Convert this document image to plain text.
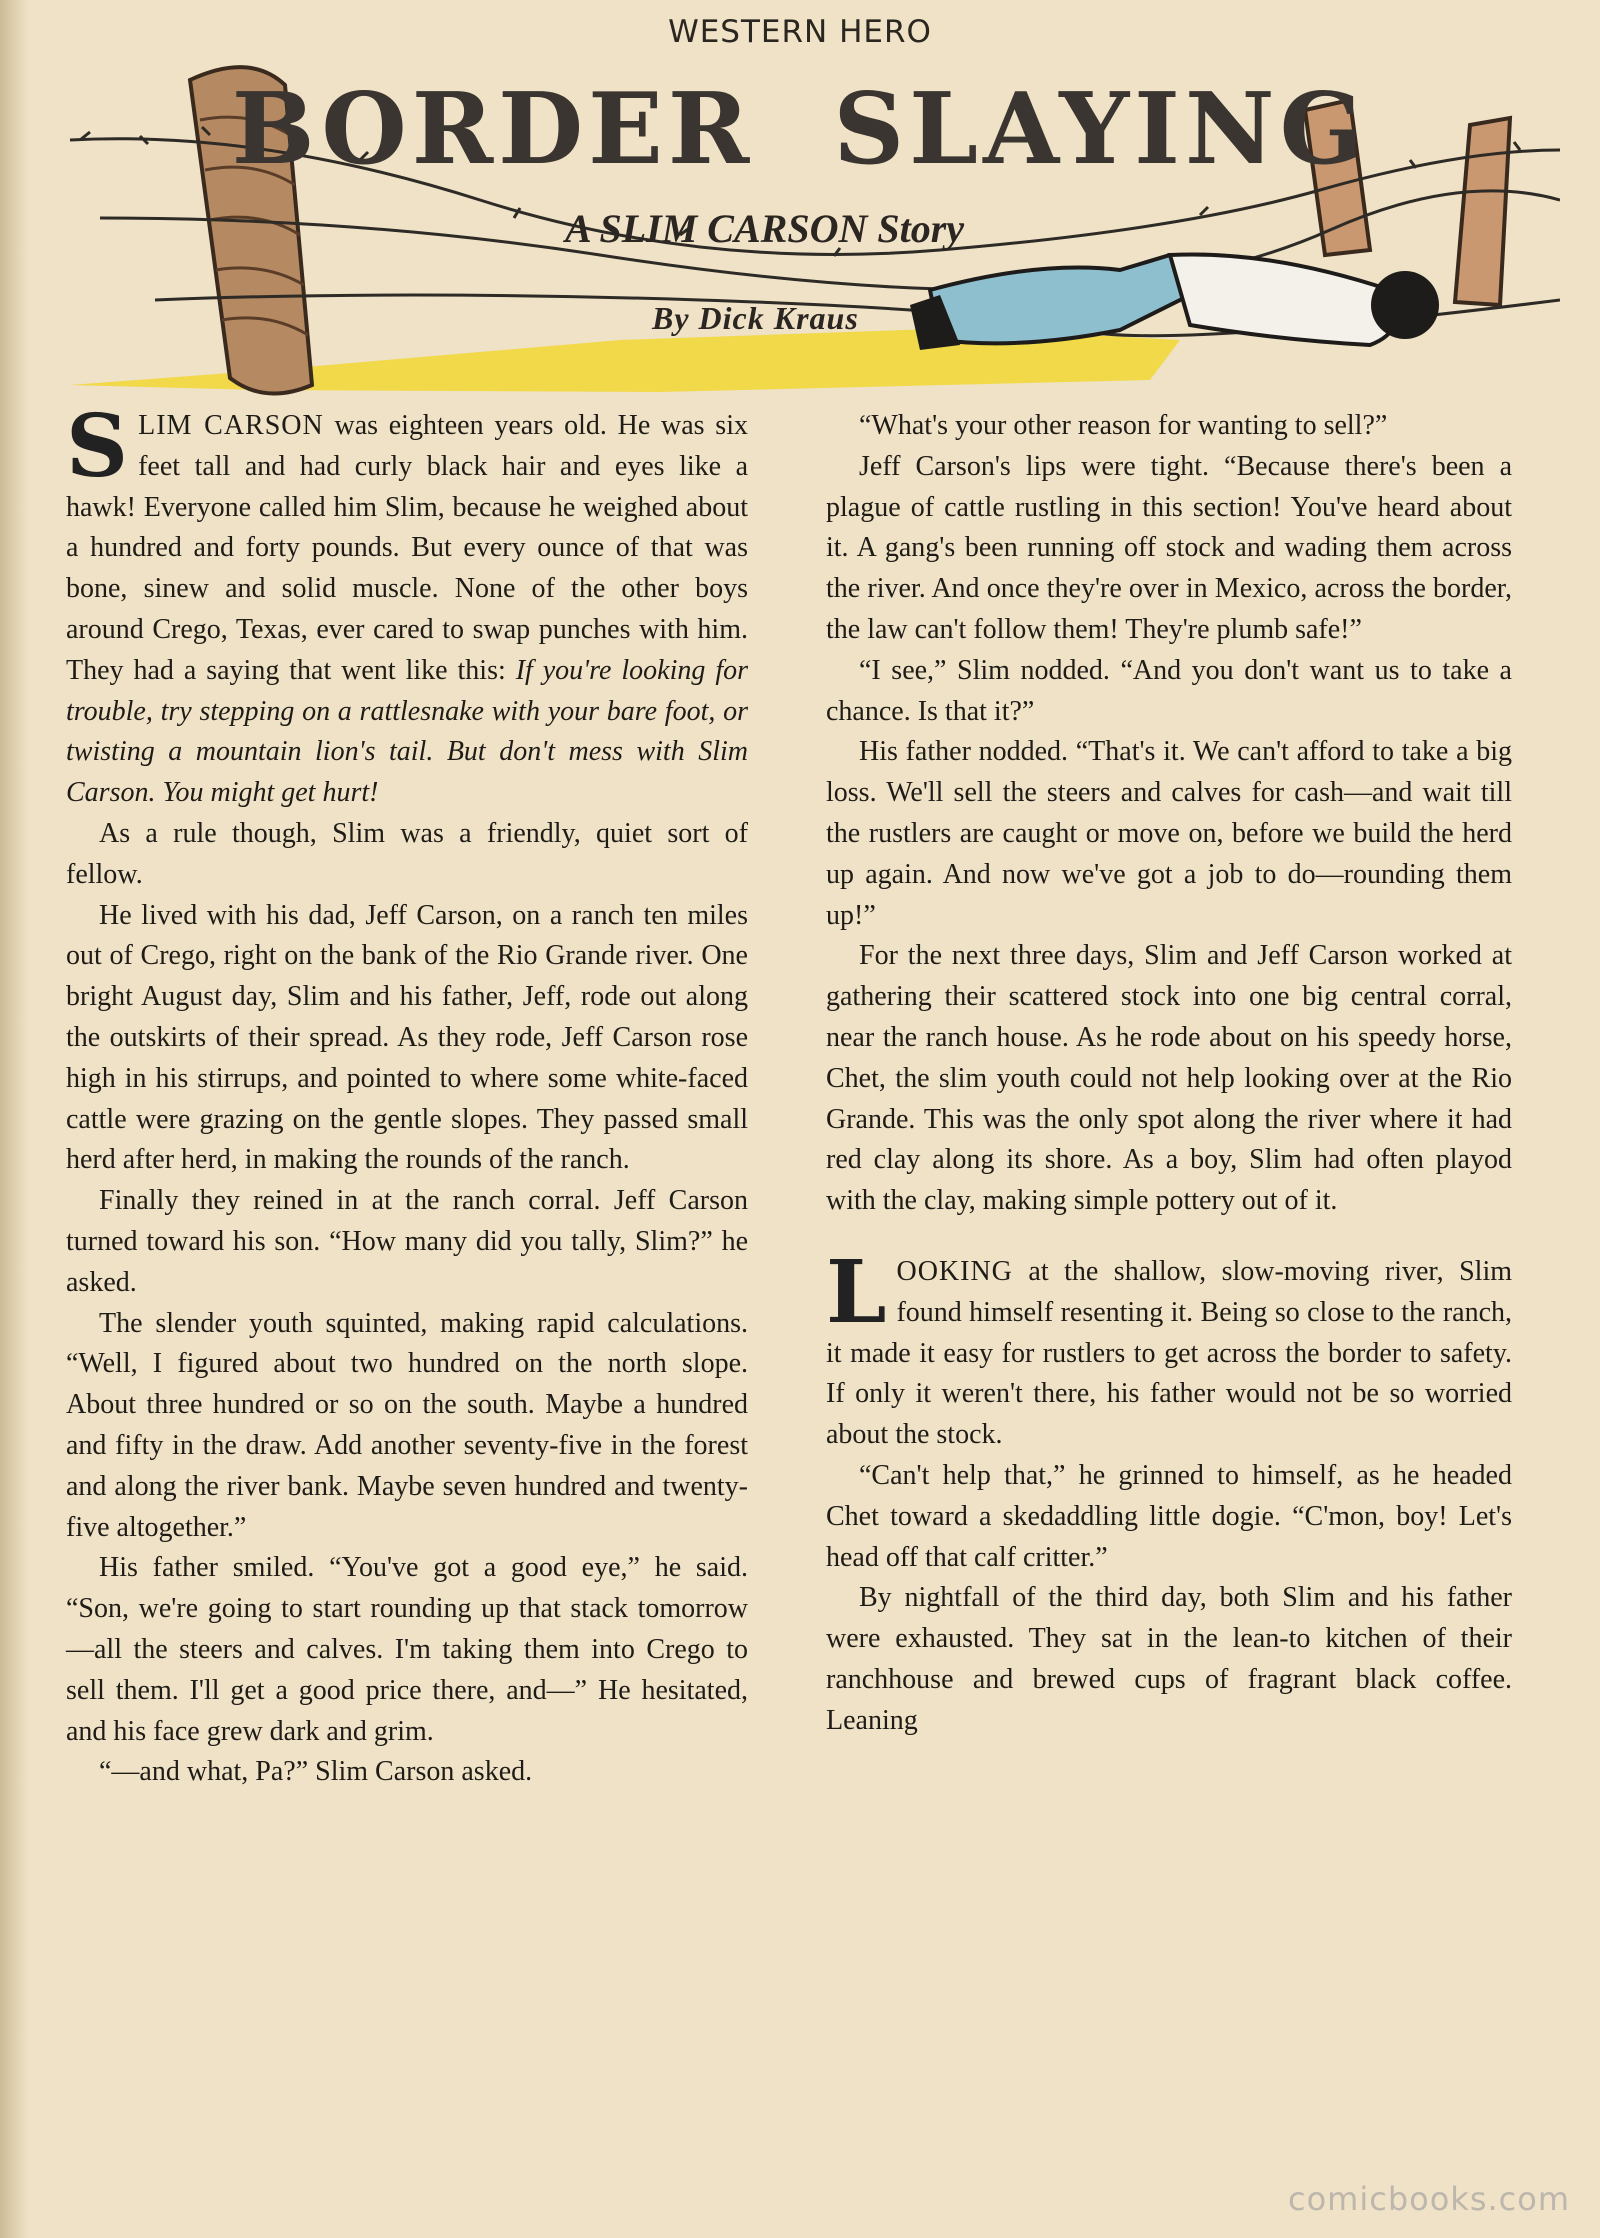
WESTERN HERO
BORDER SLAYING
A SLIM CARSON Story
By Dick Kraus

SLIM CARSON was eighteen years old. He was six feet tall and had curly black hair and eyes like a hawk! Everyone called him Slim, because he weighed about a hundred and forty pounds. But every ounce of that was bone, sinew and solid muscle. None of the other boys around Crego, Texas, ever cared to swap punches with him. They had a saying that went like this: If you're looking for trouble, try stepping on a rattlesnake with your bare foot, or twisting a mountain lion's tail. But don't mess with Slim Carson. You might get hurt!

As a rule though, Slim was a friendly, quiet sort of fellow.

He lived with his dad, Jeff Carson, on a ranch ten miles out of Crego, right on the bank of the Rio Grande river. One bright August day, Slim and his father, Jeff, rode out along the outskirts of their spread. As they rode, Jeff Carson rose high in his stirrups, and pointed to where some white-faced cattle were grazing on the gentle slopes. They passed small herd after herd, in making the rounds of the ranch.

Finally they reined in at the ranch corral. Jeff Carson turned toward his son. “How many did you tally, Slim?” he asked.

The slender youth squinted, making rapid calculations. “Well, I figured about two hundred on the north slope. About three hundred or so on the south. Maybe a hundred and fifty in the draw. Add another seventy-five in the forest and along the river bank. Maybe seven hundred and twenty-five altogether.”

His father smiled. “You've got a good eye,” he said. “Son, we're going to start rounding up that stack tomorrow—all the steers and calves. I'm taking them into Crego to sell them. I'll get a good price there, and—” He hesitated, and his face grew dark and grim.

“—and what, Pa?” Slim Carson asked.

“What's your other reason for wanting to sell?”

Jeff Carson's lips were tight. “Because there's been a plague of cattle rustling in this section! You've heard about it. A gang's been running off stock and wading them across the river. And once they're over in Mexico, across the border, the law can't follow them! They're plumb safe!”

“I see,” Slim nodded. “And you don't want us to take a chance. Is that it?”

His father nodded. “That's it. We can't afford to take a big loss. We'll sell the steers and calves for cash—and wait till the rustlers are caught or move on, before we build the herd up again. And now we've got a job to do—rounding them up!”

For the next three days, Slim and Jeff Carson worked at gathering their scattered stock into one big central corral, near the ranch house. As he rode about on his speedy horse, Chet, the slim youth could not help looking over at the Rio Grande. This was the only spot along the river where it had red clay along its shore. As a boy, Slim had often playod with the clay, making simple pottery out of it.

LOOKING at the shallow, slow-moving river, Slim found himself resenting it. Being so close to the ranch, it made it easy for rustlers to get across the border to safety. If only it weren't there, his father would not be so worried about the stock.

“Can't help that,” he grinned to himself, as he headed Chet toward a skedaddling little dogie. “C'mon, boy! Let's head off that calf critter.”

By nightfall of the third day, both Slim and his father were exhausted. They sat in the lean-to kitchen of their ranchhouse and brewed cups of fragrant black coffee. Leaning

comicbooks.com
